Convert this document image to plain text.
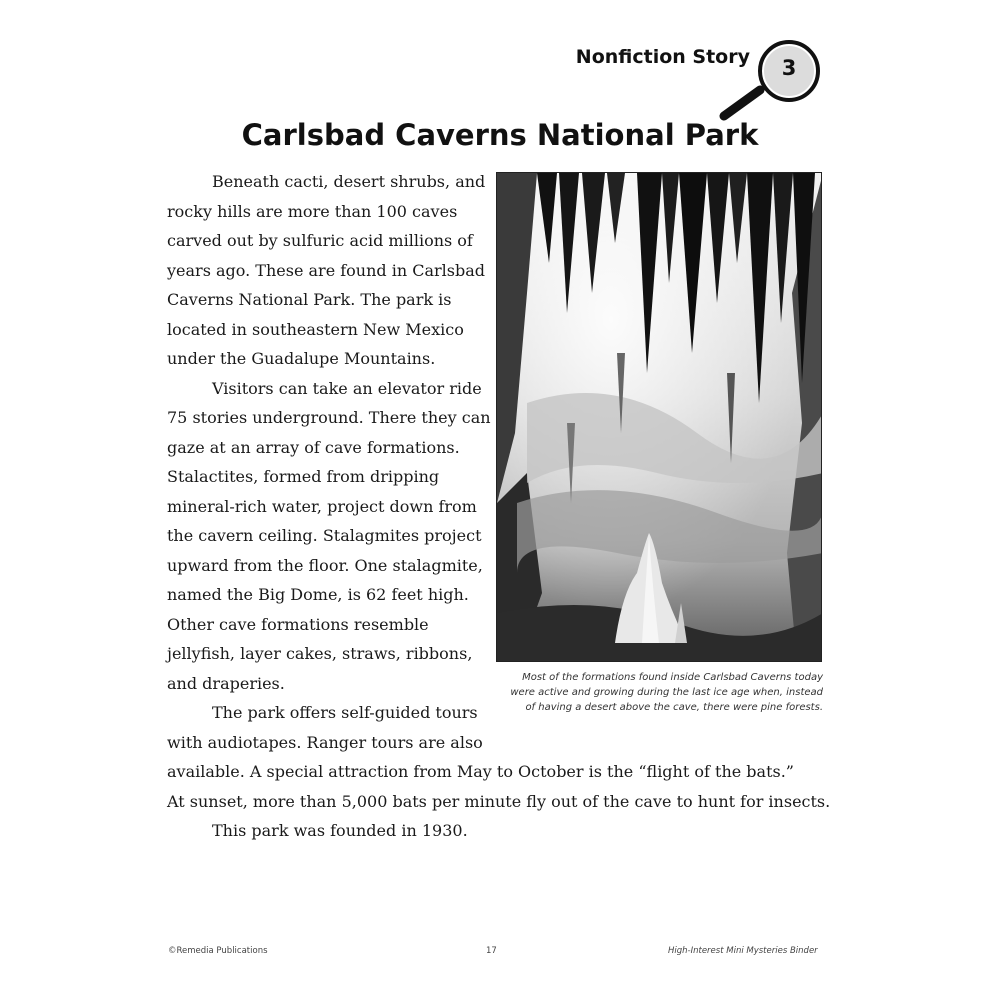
Nonfiction Story	3
Carlsbad Caverns National Park
Beneath cacti, desert shrubs, and
rocky hills are more than 100 caves
carved out by sulfuric acid millions of
years ago. These are found in Carlsbad
Caverns National Park. The park is
located in southeastern New Mexico
under the Guadalupe Mountains.
Visitors can take an elevator ride
75 stories underground. There they can
gaze at an array of cave formations.
Stalactites, formed from dripping
mineral-rich water, project down from
the cavern ceiling. Stalagmites project
upward from the floor. One stalagmite,
named the Big Dome, is 62 feet high.
Other cave formations resemble
jellyfish, layer cakes, straws, ribbons,
and draperies.
The park offers self-guided tours
with audiotapes. Ranger tours are also
available. A special attraction from May to October is the “flight of the bats.”
At sunset, more than 5,000 bats per minute fly out of the cave to hunt for insects.
This park was founded in 1930.
Most of the formations found inside Carlsbad Caverns today
were active and growing during the last ice age when, instead
of having a desert above the cave, there were pine forests.
©Remedia Publications	17	High-Interest Mini Mysteries Binder
